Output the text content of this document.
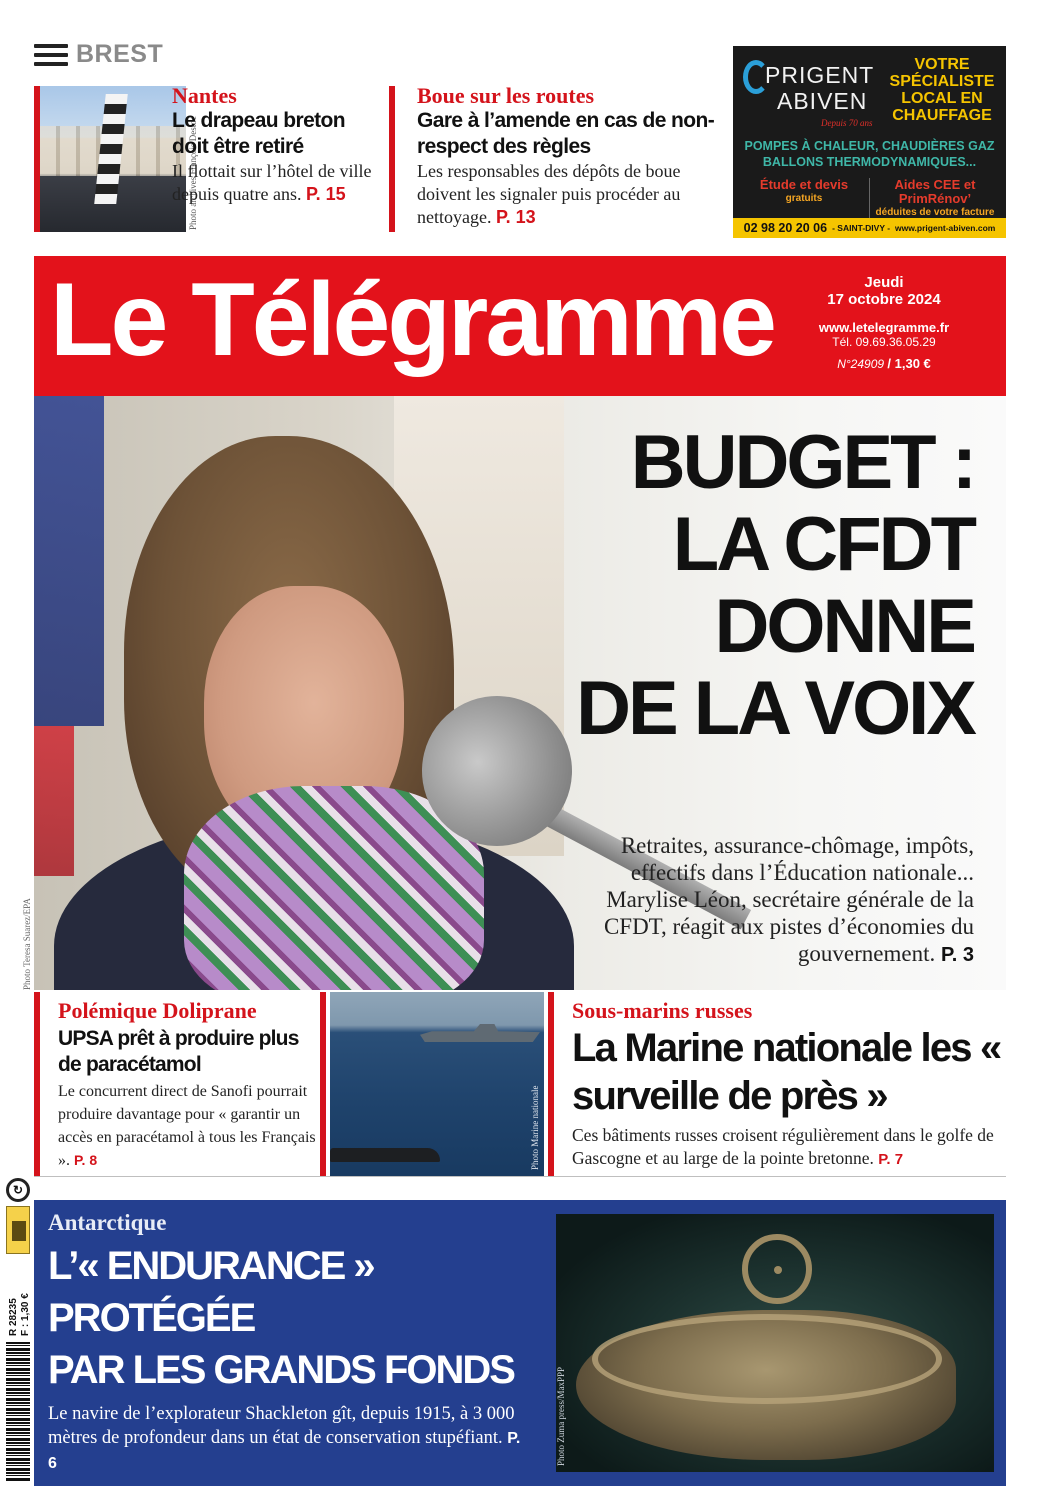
BREST
Photo archives François Destoc
Nantes
Le drapeau breton doit être retiré
Il flottait sur l’hôtel de ville depuis quatre ans. P. 15
Boue sur les routes
Gare à l’amende en cas de non-respect des règles
Les responsables des dépôts de boue doivent les signaler puis procéder au nettoyage. P. 13
PRIGENT
ABIVEN
Depuis 70 ans
VOTRE SPÉCIALISTE LOCAL EN CHAUFFAGE
POMPES À CHALEUR, CHAUDIÈRES GAZ BALLONS THERMODYNAMIQUES...
Étude et devis
gratuits
Aides CEE et PrimRénov’
déduites de votre facture
02 98 20 20 06 - SAINT-DIVY - www.prigent-abiven.com
Le Télégramme	Jeudi
17 octobre 2024
www.letelegramme.fr
Tél. 09.69.36.05.29
N°24909 / 1,30 €
BUDGET :
LA CFDT
DONNE
DE LA VOIX
Retraites, assurance-chômage, impôts, effectifs dans l’Éducation nationale... Marylise Léon, secrétaire générale de la CFDT, réagit aux pistes d’économies du gouvernement. P. 3
Photo Teresa Suarez/EPA
Polémique Doliprane
UPSA prêt à produire plus de paracétamol
Le concurrent direct de Sanofi pourrait produire davantage pour « garantir un accès en paracétamol à tous les Français ». P. 8	Photo Marine nationale
Sous-marins russes
La Marine nationale les « surveille de près »
Ces bâtiments russes croisent régulièrement dans le golfe de Gascogne et au large de la pointe bretonne. P. 7
↻
R 28235 F : 1,30 €
Antarctique
L’« ENDURANCE »
PROTÉGÉE
PAR LES GRANDS FONDS
Le navire de l’explorateur Shackleton gît, depuis 1915, à 3 000 mètres de profondeur dans un état de conservation stupéfiant. P. 6	Photo Zuma press/MaxPPP
